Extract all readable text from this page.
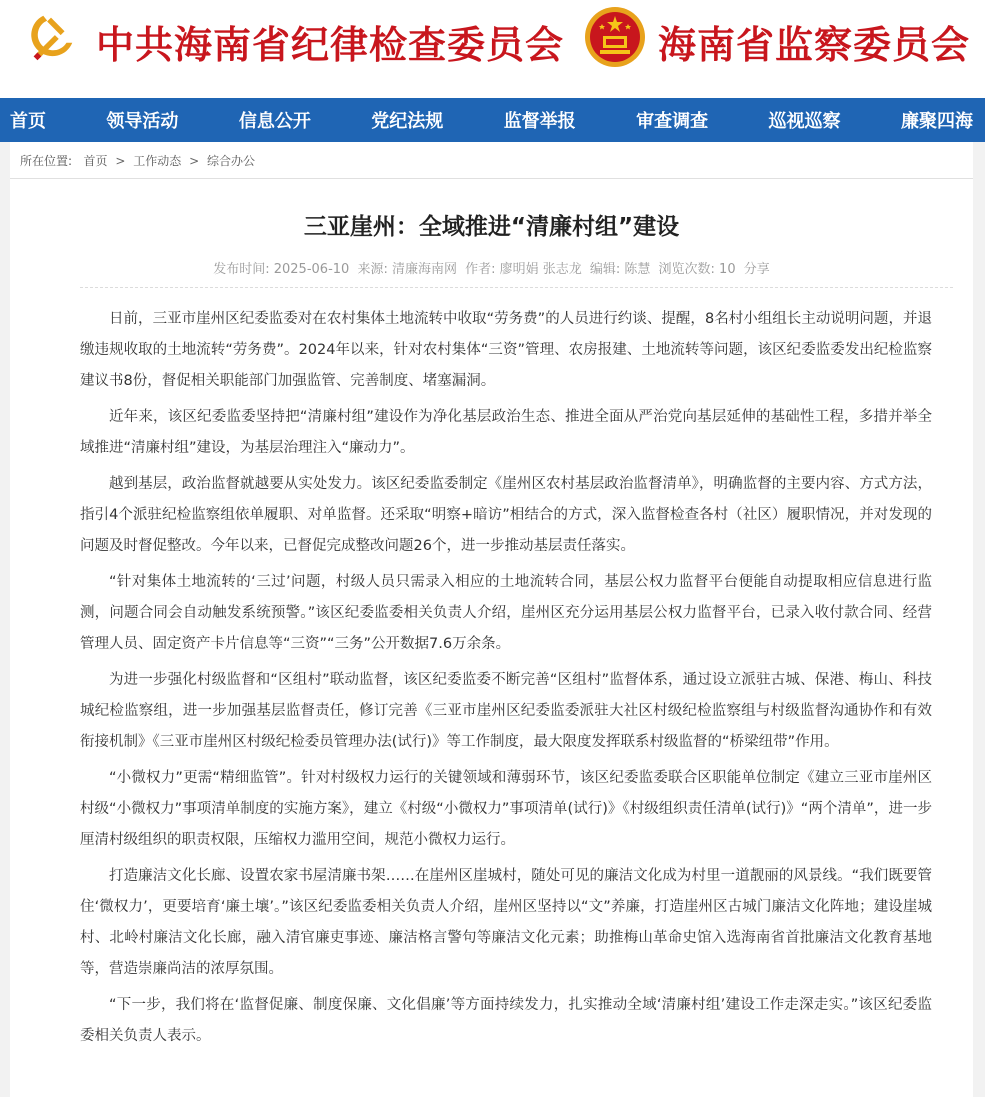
中共海南省纪律检查委员会 海南省监察委员会
首页	领导活动	信息公开	党纪法规	监督举报	审查调查	巡视巡察	廉聚四海
所在位置: 首页 > 工作动态 > 综合办公
三亚崖州：全域推进“清廉村组”建设
发布时间: 2025-06-10 来源: 清廉海南网 作者: 廖明娟 张志龙 编辑: 陈慧 浏览次数: 10 分享

日前，三亚市崖州区纪委监委对在农村集体土地流转中收取“劳务费”的人员进行约谈、提醒，8名村小组组长主动说明问题，并退缴违规收取的土地流转“劳务费”。2024年以来，针对农村集体“三资”管理、农房报建、土地流转等问题，该区纪委监委发出纪检监察建议书8份，督促相关职能部门加强监管、完善制度、堵塞漏洞。

近年来，该区纪委监委坚持把“清廉村组”建设作为净化基层政治生态、推进全面从严治党向基层延伸的基础性工程，多措并举全域推进“清廉村组”建设，为基层治理注入“廉动力”。

越到基层，政治监督就越要从实处发力。该区纪委监委制定《崖州区农村基层政治监督清单》，明确监督的主要内容、方式方法，指引4个派驻纪检监察组依单履职、对单监督。还采取“明察+暗访”相结合的方式，深入监督检查各村（社区）履职情况，并对发现的问题及时督促整改。今年以来，已督促完成整改问题26个，进一步推动基层责任落实。

“针对集体土地流转的‘三过’问题，村级人员只需录入相应的土地流转合同，基层公权力监督平台便能自动提取相应信息进行监测，问题合同会自动触发系统预警。”该区纪委监委相关负责人介绍，崖州区充分运用基层公权力监督平台，已录入收付款合同、经营管理人员、固定资产卡片信息等“三资”“三务”公开数据7.6万余条。

为进一步强化村级监督和“区组村”联动监督，该区纪委监委不断完善“区组村”监督体系，通过设立派驻古城、保港、梅山、科技城纪检监察组，进一步加强基层监督责任，修订完善《三亚市崖州区纪委监委派驻大社区村级纪检监察组与村级监督沟通协作和有效衔接机制》《三亚市崖州区村级纪检委员管理办法(试行)》等工作制度，最大限度发挥联系村级监督的“桥梁纽带”作用。

“小微权力”更需“精细监管”。针对村级权力运行的关键领域和薄弱环节，该区纪委监委联合区职能单位制定《建立三亚市崖州区村级“小微权力”事项清单制度的实施方案》，建立《村级“小微权力”事项清单(试行)》《村级组织责任清单(试行)》“两个清单”，进一步厘清村级组织的职责权限，压缩权力滥用空间，规范小微权力运行。

打造廉洁文化长廊、设置农家书屋清廉书架……在崖州区崖城村，随处可见的廉洁文化成为村里一道靓丽的风景线。“我们既要管住‘微权力’，更要培育‘廉土壤’。”该区纪委监委相关负责人介绍，崖州区坚持以“文”养廉，打造崖州区古城门廉洁文化阵地；建设崖城村、北岭村廉洁文化长廊，融入清官廉吏事迹、廉洁格言警句等廉洁文化元素；助推梅山革命史馆入选海南省首批廉洁文化教育基地等，营造崇廉尚洁的浓厚氛围。

“下一步，我们将在‘监督促廉、制度保廉、文化倡廉’等方面持续发力，扎实推动全域‘清廉村组’建设工作走深走实。”该区纪委监委相关负责人表示。
